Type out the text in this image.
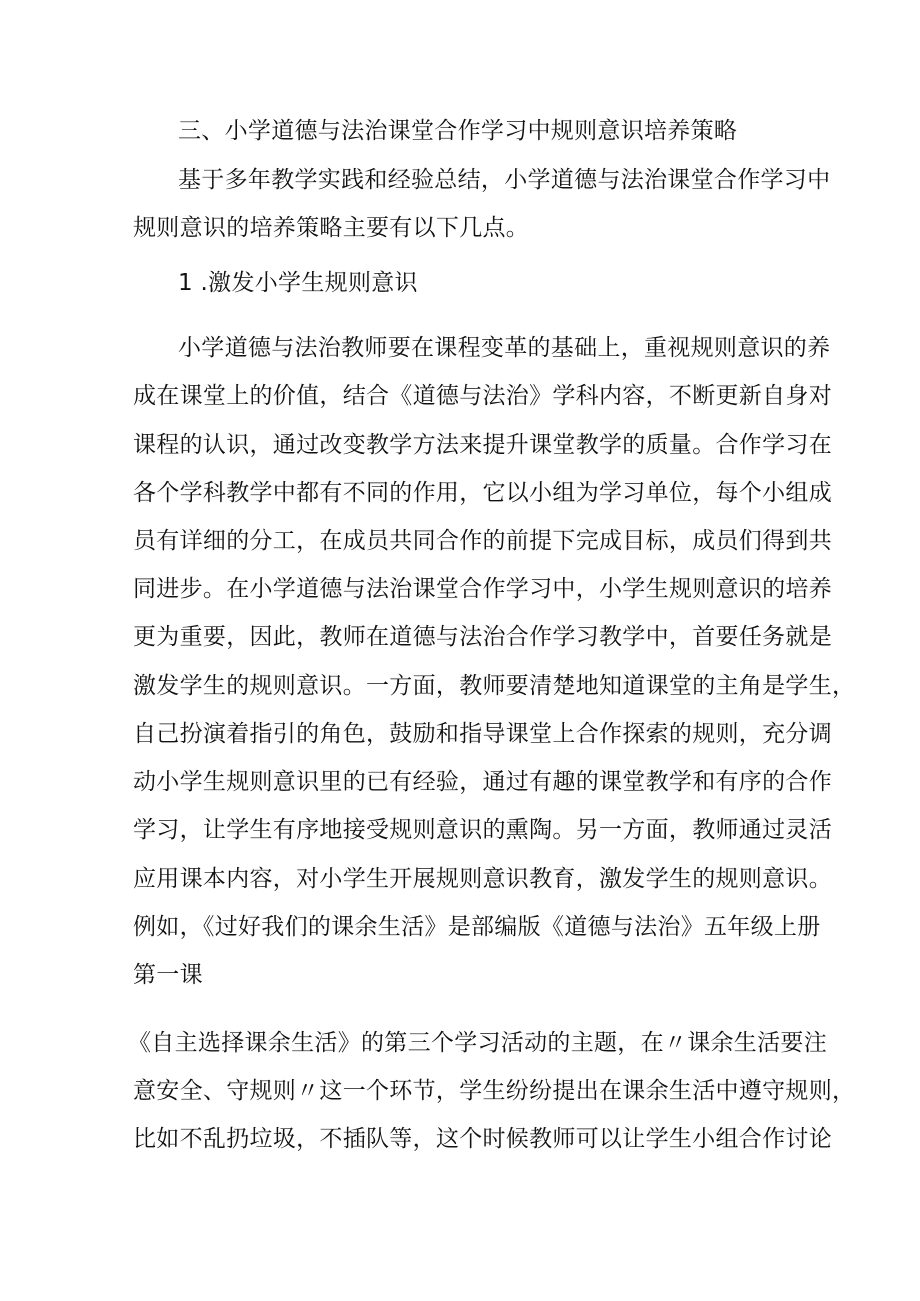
三、小学道德与法治课堂合作学习中规则意识培养策略
基于多年教学实践和经验总结，小学道德与法治课堂合作学习中
规则意识的培养策略主要有以下几点。
1 .激发小学生规则意识
小学道德与法治教师要在课程变革的基础上，重视规则意识的养
成在课堂上的价值，结合《道德与法治》学科内容，不断更新自身对
课程的认识，通过改变教学方法来提升课堂教学的质量。合作学习在
各个学科教学中都有不同的作用，它以小组为学习单位，每个小组成
员有详细的分工，在成员共同合作的前提下完成目标，成员们得到共
同进步。在小学道德与法治课堂合作学习中，小学生规则意识的培养
更为重要，因此，教师在道德与法治合作学习教学中，首要任务就是
激发学生的规则意识。一方面，教师要清楚地知道课堂的主角是学生，
自己扮演着指引的角色，鼓励和指导课堂上合作探索的规则，充分调
动小学生规则意识里的已有经验，通过有趣的课堂教学和有序的合作
学习，让学生有序地接受规则意识的熏陶。另一方面，教师通过灵活
应用课本内容，对小学生开展规则意识教育，激发学生的规则意识。
例如，《过好我们的课余生活》是部编版《道德与法治》五年级上册
第一课
《自主选择课余生活》的第三个学习活动的主题，在〃课余生活要注
意安全、守规则〃这一个环节，学生纷纷提出在课余生活中遵守规则，
比如不乱扔垃圾，不插队等，这个时候教师可以让学生小组合作讨论
